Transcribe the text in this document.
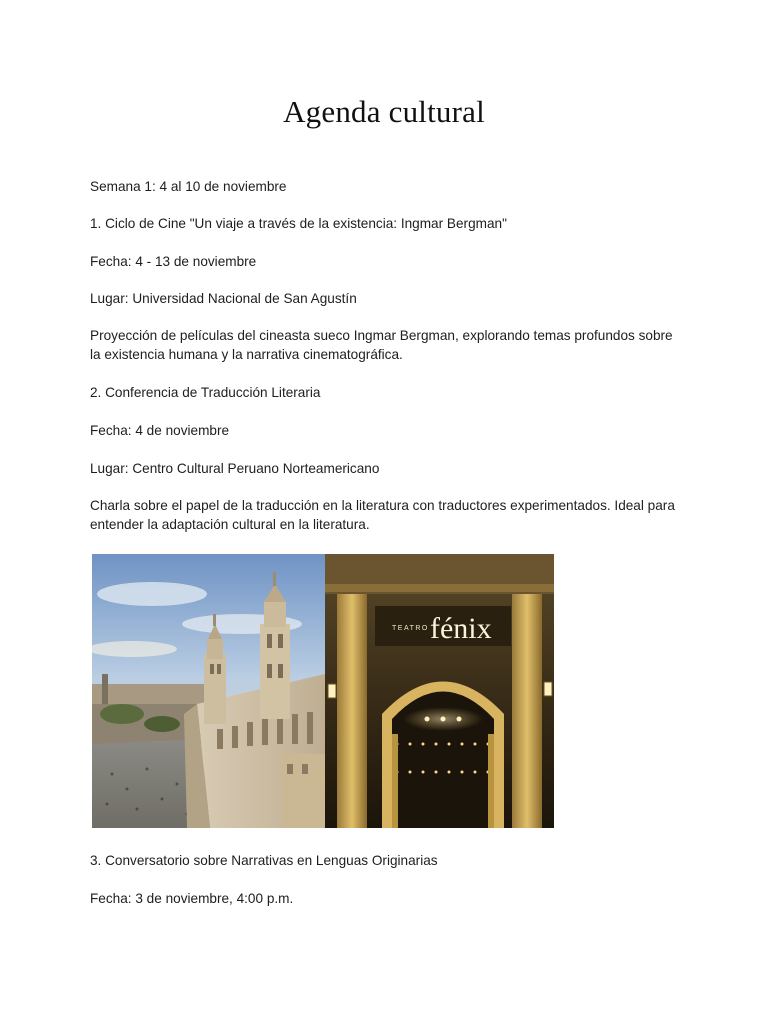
Agenda cultural

Semana 1: 4 al 10 de noviembre

1. Ciclo de Cine "Un viaje a través de la existencia: Ingmar Bergman"

Fecha: 4 - 13 de noviembre

Lugar: Universidad Nacional de San Agustín

Proyección de películas del cineasta sueco Ingmar Bergman, explorando temas profundos sobre la existencia humana y la narrativa cinematográfica.

2. Conferencia de Traducción Literaria

Fecha: 4 de noviembre

Lugar: Centro Cultural Peruano Norteamericano

Charla sobre el papel de la traducción en la literatura con traductores experimentados. Ideal para entender la adaptación cultural en la literatura.

TEATRO fénix

3. Conversatorio sobre Narrativas en Lenguas Originarias

Fecha: 3 de noviembre, 4:00 p.m.
